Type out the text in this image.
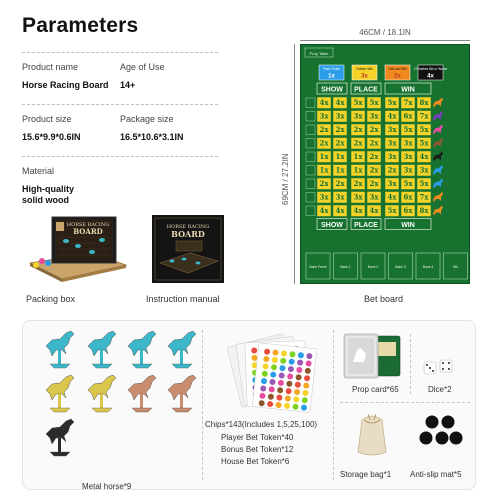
Parameters
Product name
Horse Racing Board
Age of Use
14+
Product size
15.6*9.9*0.6IN
Package size
16.5*10.6*3.1IN
Material
High-quality
solid wood
HORSE RACING
BOARD
Packing box
HORSE RACING
BOARD
Instruction manual
46CM / 18.1IN
69CM / 27.2IN
Prop Table
Place Ticket
1x
Golden Win
3x
Odd and Win
2x
2 Finishes 8th or Worse
4x
SHOW PLACE	WIN
4x 4x 5x 5x 5x 7x 8x
3x 3x 3x 3x 4x 6x 7x
2x 2x 2x 2x 3x 5x 5x
2x 2x 2x 2x 3x 3x 5x
1x 1x 1x 2x 3x 3x 4x
1x 1x 1x 2x 2x 3x 3x
2x 2x 2x 2x 3x 5x 5x
3x 3x 3x 3x 4x 6x 7x
4x 4x 4x 4x 5x 6x 8x
SHOW PLACE	WIN
Bank Fresh	Bank 1	Bank 2	Bank 3	Bank 4	5th
Bet board
Metal horse*9
Chips*143(Includes 1,5,25,100)
Player Bet Token*40
Bonus Bet Token*12
House Bet Token*6
Prop card*65	Dice*2
Storage bag*1 Anti-slip mat*5
